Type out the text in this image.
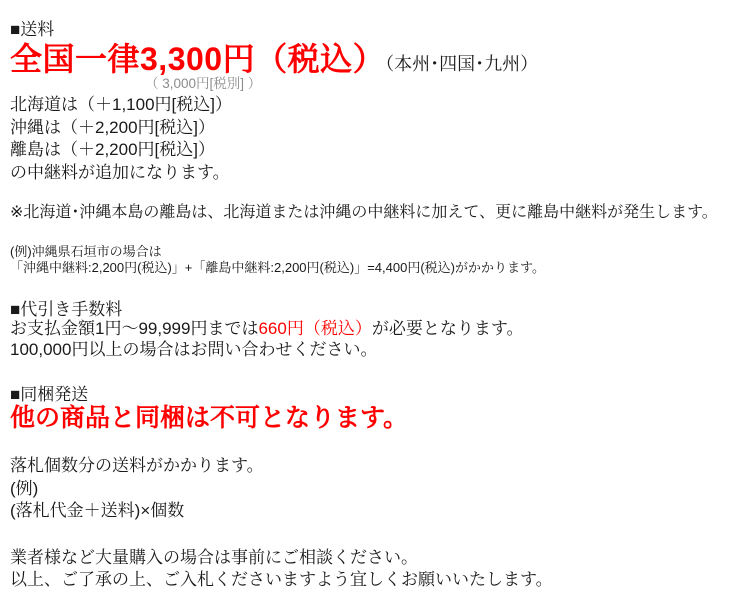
■送料
全国一律3,300円（税込）（本州･四国･九州）
（ 3,000円[税別] ）
北海道は（＋1,100円[税込]）
沖縄は（＋2,200円[税込]）
離島は（＋2,200円[税込]）
の中継料が追加になります。
※北海道･沖縄本島の離島は、北海道または沖縄の中継料に加えて、更に離島中継料が発生します。
(例)沖縄県石垣市の場合は
「沖縄中継料:2,200円(税込)」+「離島中継料:2,200円(税込)」=4,400円(税込)がかかります。
■代引き手数料
お支払金額1円～99,999円までは660円（税込）が必要となります。
100,000円以上の場合はお問い合わせください。
■同梱発送
他の商品と同梱は不可となります。
落札個数分の送料がかかります。
(例)
(落札代金＋送料)×個数
業者様など大量購入の場合は事前にご相談ください。
以上、ご了承の上、ご入札くださいますよう宜しくお願いいたします。
